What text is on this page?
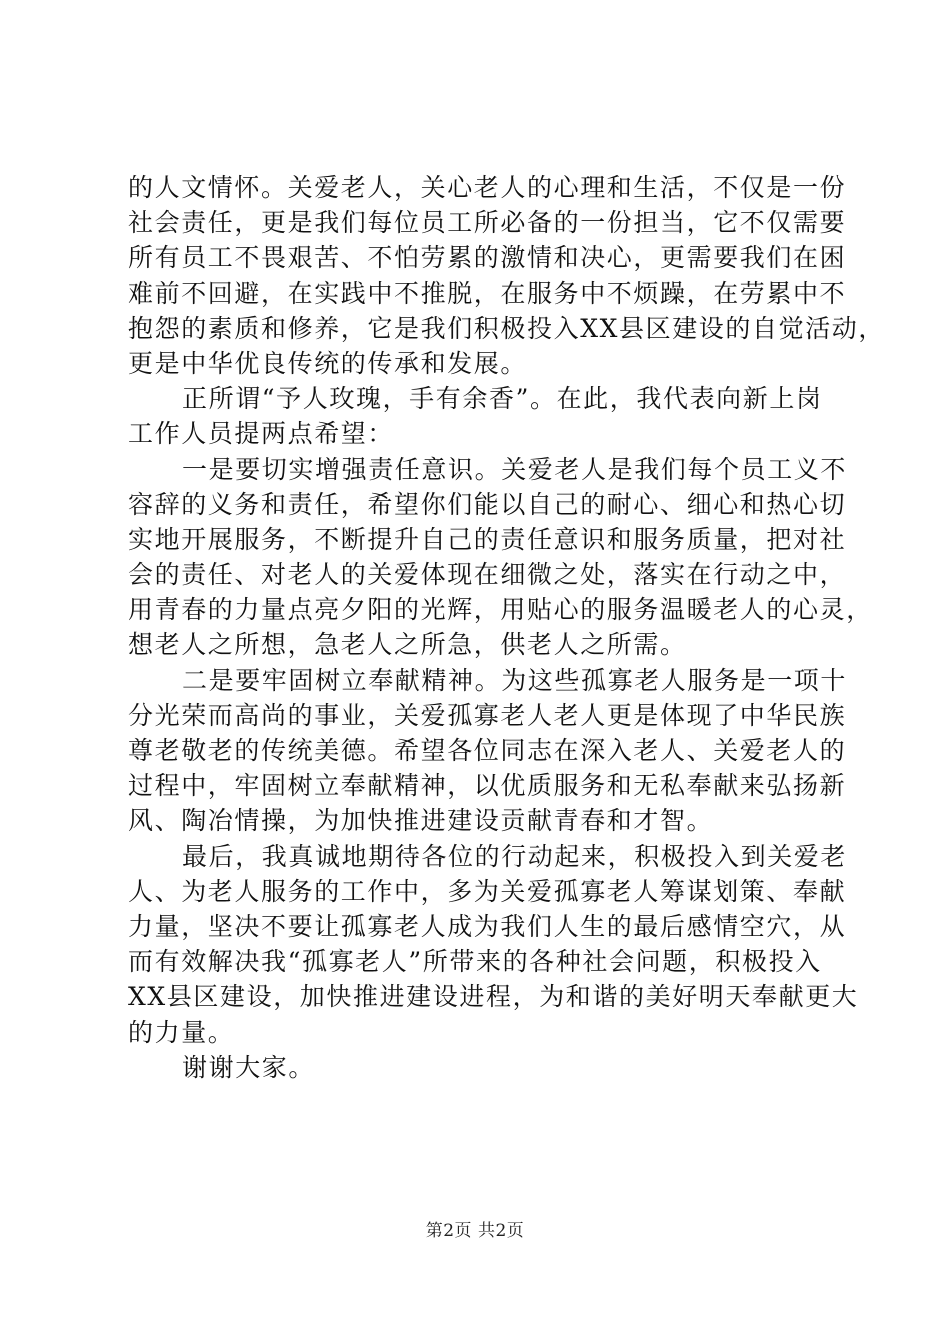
的人文情怀。关爱老人，关心老人的心理和生活，不仅是一份
社会责任，更是我们每位员工所必备的一份担当，它不仅需要
所有员工不畏艰苦、不怕劳累的激情和决心，更需要我们在困
难前不回避，在实践中不推脱，在服务中不烦躁，在劳累中不
抱怨的素质和修养，它是我们积极投入XX县区建设的自觉活动，
更是中华优良传统的传承和发展。
正所谓“予人玫瑰，手有余香”。在此，我代表向新上岗
工作人员提两点希望：
一是要切实增强责任意识。关爱老人是我们每个员工义不
容辞的义务和责任，希望你们能以自己的耐心、细心和热心切
实地开展服务，不断提升自己的责任意识和服务质量，把对社
会的责任、对老人的关爱体现在细微之处，落实在行动之中，
用青春的力量点亮夕阳的光辉，用贴心的服务温暖老人的心灵，
想老人之所想，急老人之所急，供老人之所需。
二是要牢固树立奉献精神。为这些孤寡老人服务是一项十
分光荣而高尚的事业，关爱孤寡老人老人更是体现了中华民族
尊老敬老的传统美德。希望各位同志在深入老人、关爱老人的
过程中，牢固树立奉献精神，以优质服务和无私奉献来弘扬新
风、陶冶情操，为加快推进建设贡献青春和才智。
最后，我真诚地期待各位的行动起来，积极投入到关爱老
人、为老人服务的工作中，多为关爱孤寡老人筹谋划策、奉献
力量，坚决不要让孤寡老人成为我们人生的最后感情空穴，从
而有效解决我“孤寡老人”所带来的各种社会问题，积极投入
XX县区建设，加快推进建设进程，为和谐的美好明天奉献更大
的力量。
谢谢大家。
第2页 共2页
